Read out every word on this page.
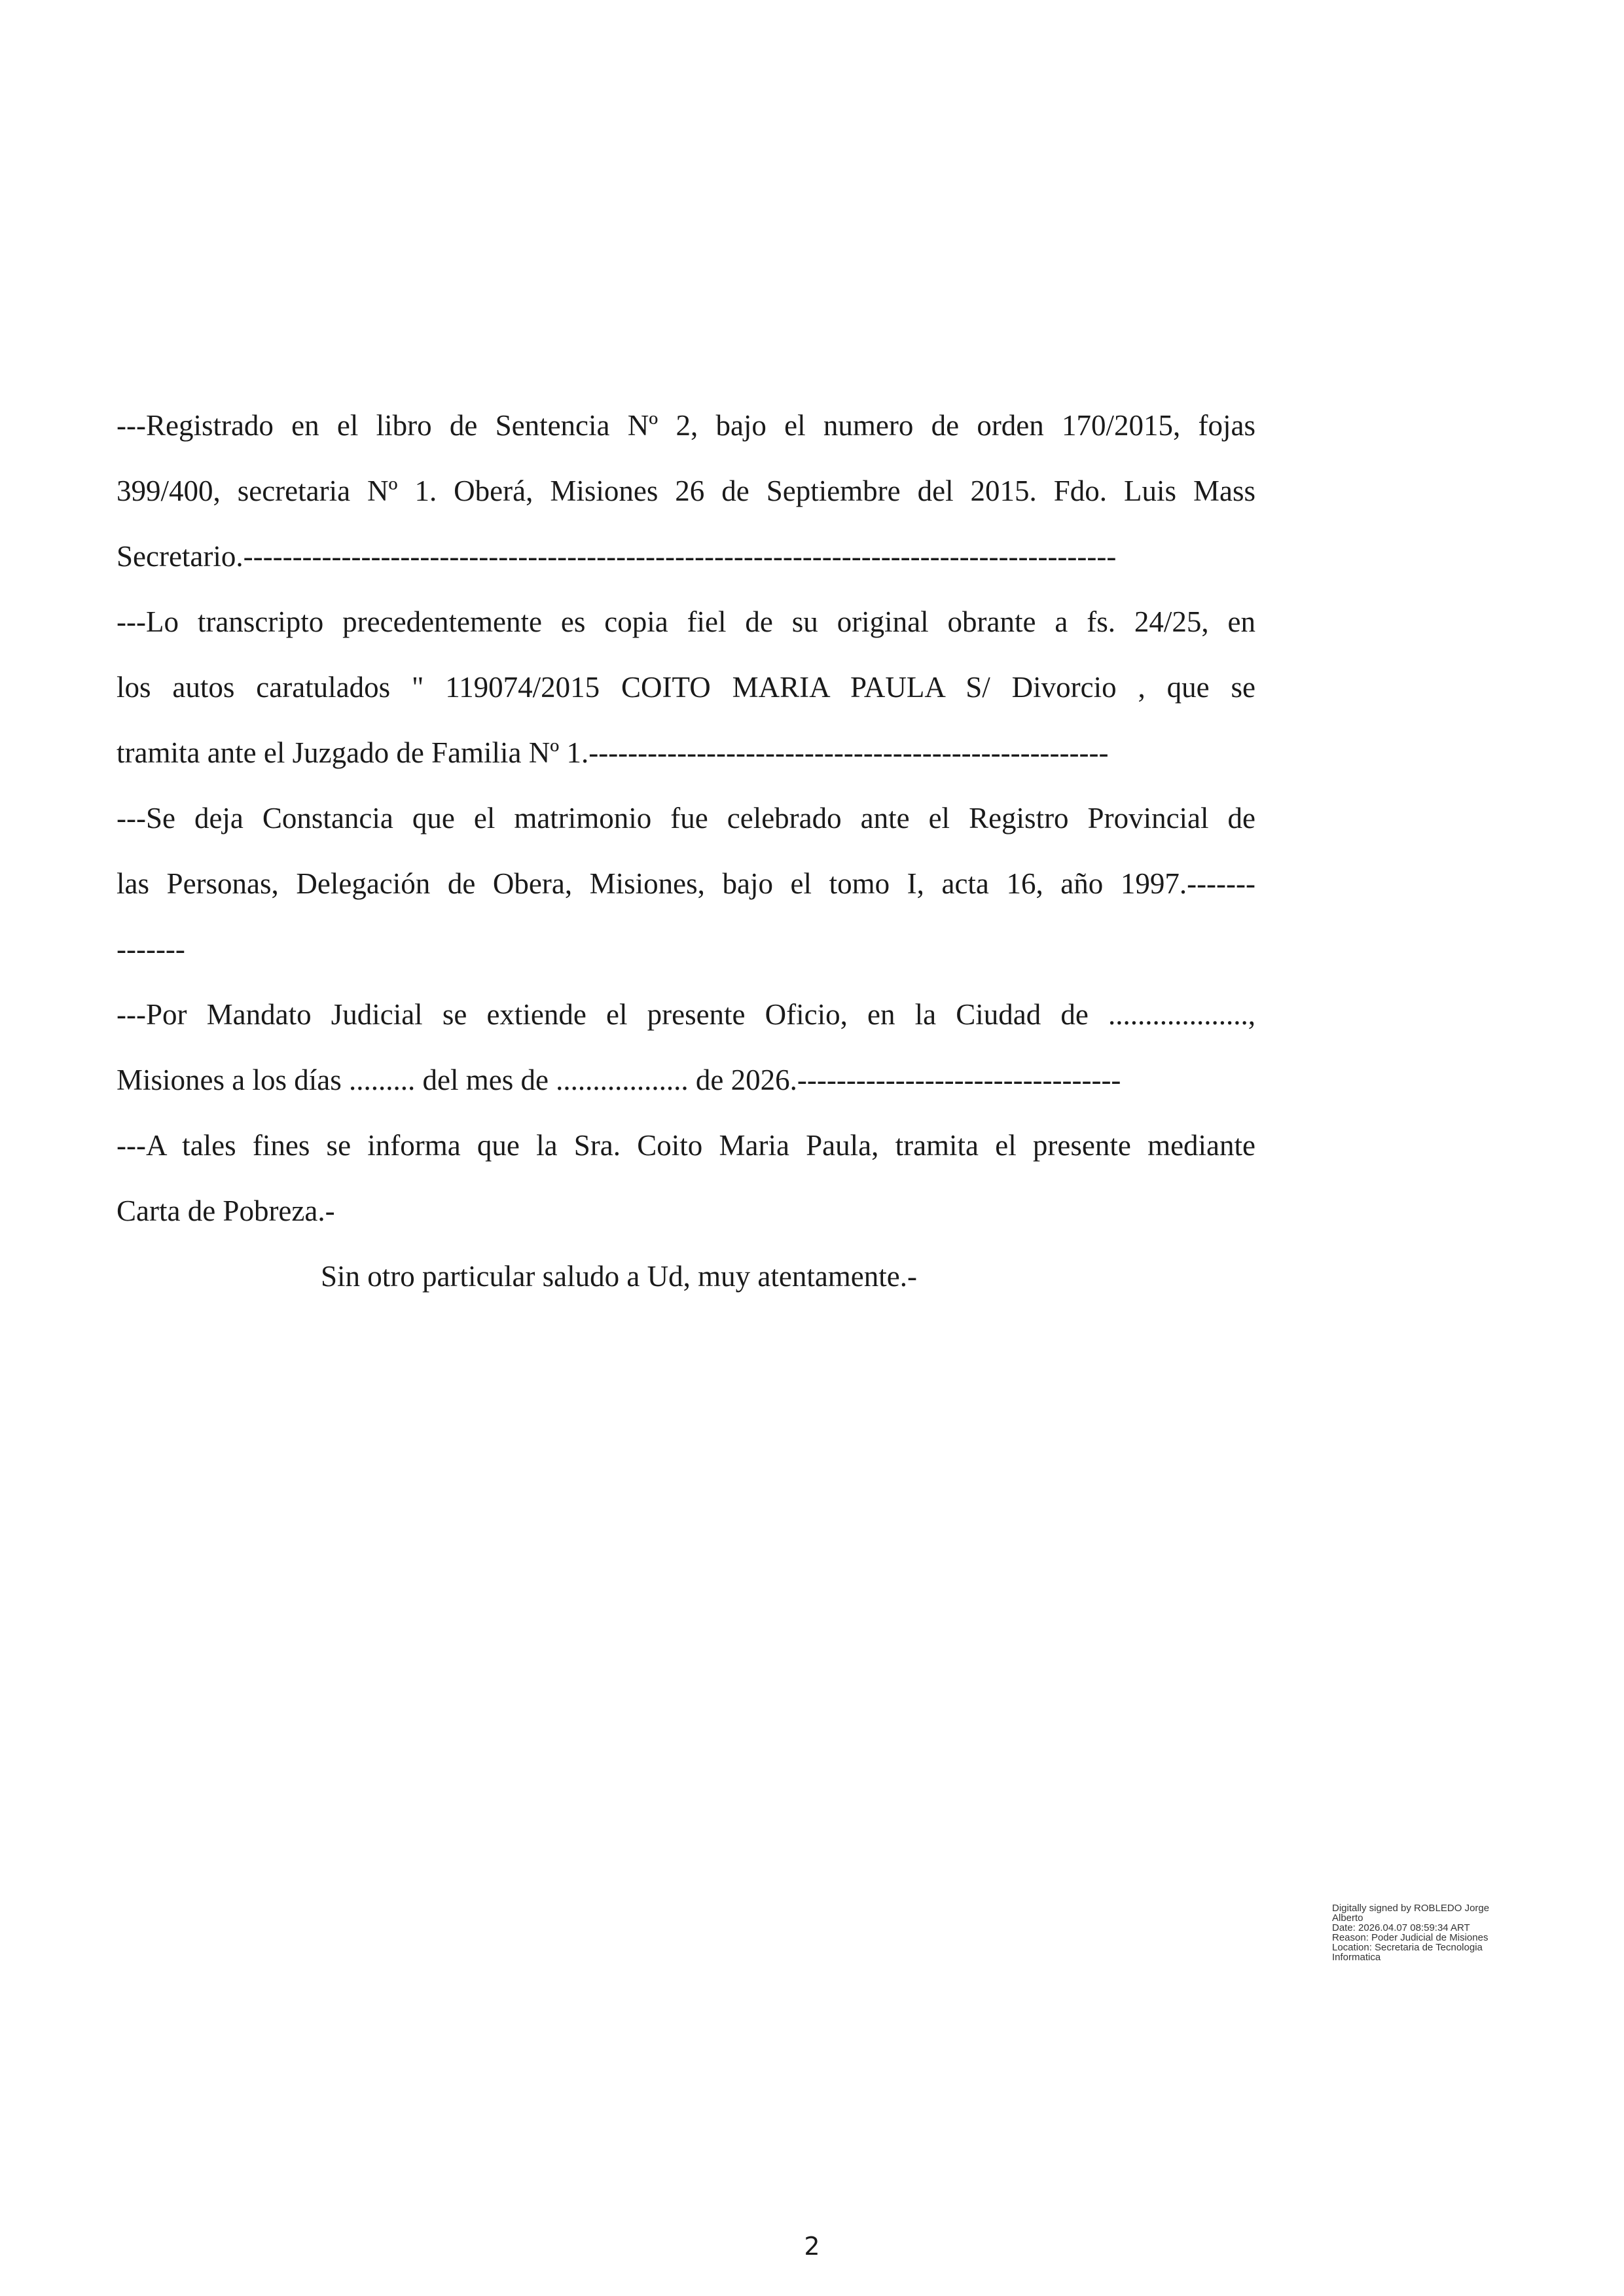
---Registrado en el libro de Sentencia Nº 2, bajo el numero de orden 170/2015, fojas
399/400, secretaria Nº 1. Oberá, Misiones 26 de Septiembre del 2015. Fdo. Luis Mass
Secretario.-----------------------------------------------------------------------------------------
---Lo transcripto precedentemente es copia fiel de su original obrante a fs. 24/25, en
los autos caratulados " 119074/2015 COITO MARIA PAULA S/ Divorcio , que se
tramita ante el Juzgado de Familia Nº 1.-----------------------------------------------------
---Se deja Constancia que el matrimonio fue celebrado ante el Registro Provincial de
las Personas, Delegación de Obera, Misiones, bajo el tomo I, acta 16, año 1997.-------
-------
---Por Mandato Judicial se extiende el presente Oficio, en la Ciudad de ...................,
Misiones a los días ......... del mes de .................. de 2026.---------------------------------
---A tales fines se informa que la Sra. Coito Maria Paula, tramita el presente mediante
Carta de Pobreza.-
Sin otro particular saludo a Ud, muy atentamente.-
Digitally signed by ROBLEDO Jorge
Alberto
Date: 2026.04.07 08:59:34 ART
Reason: Poder Judicial de Misiones
Location: Secretaria de Tecnologia
Informatica
2
